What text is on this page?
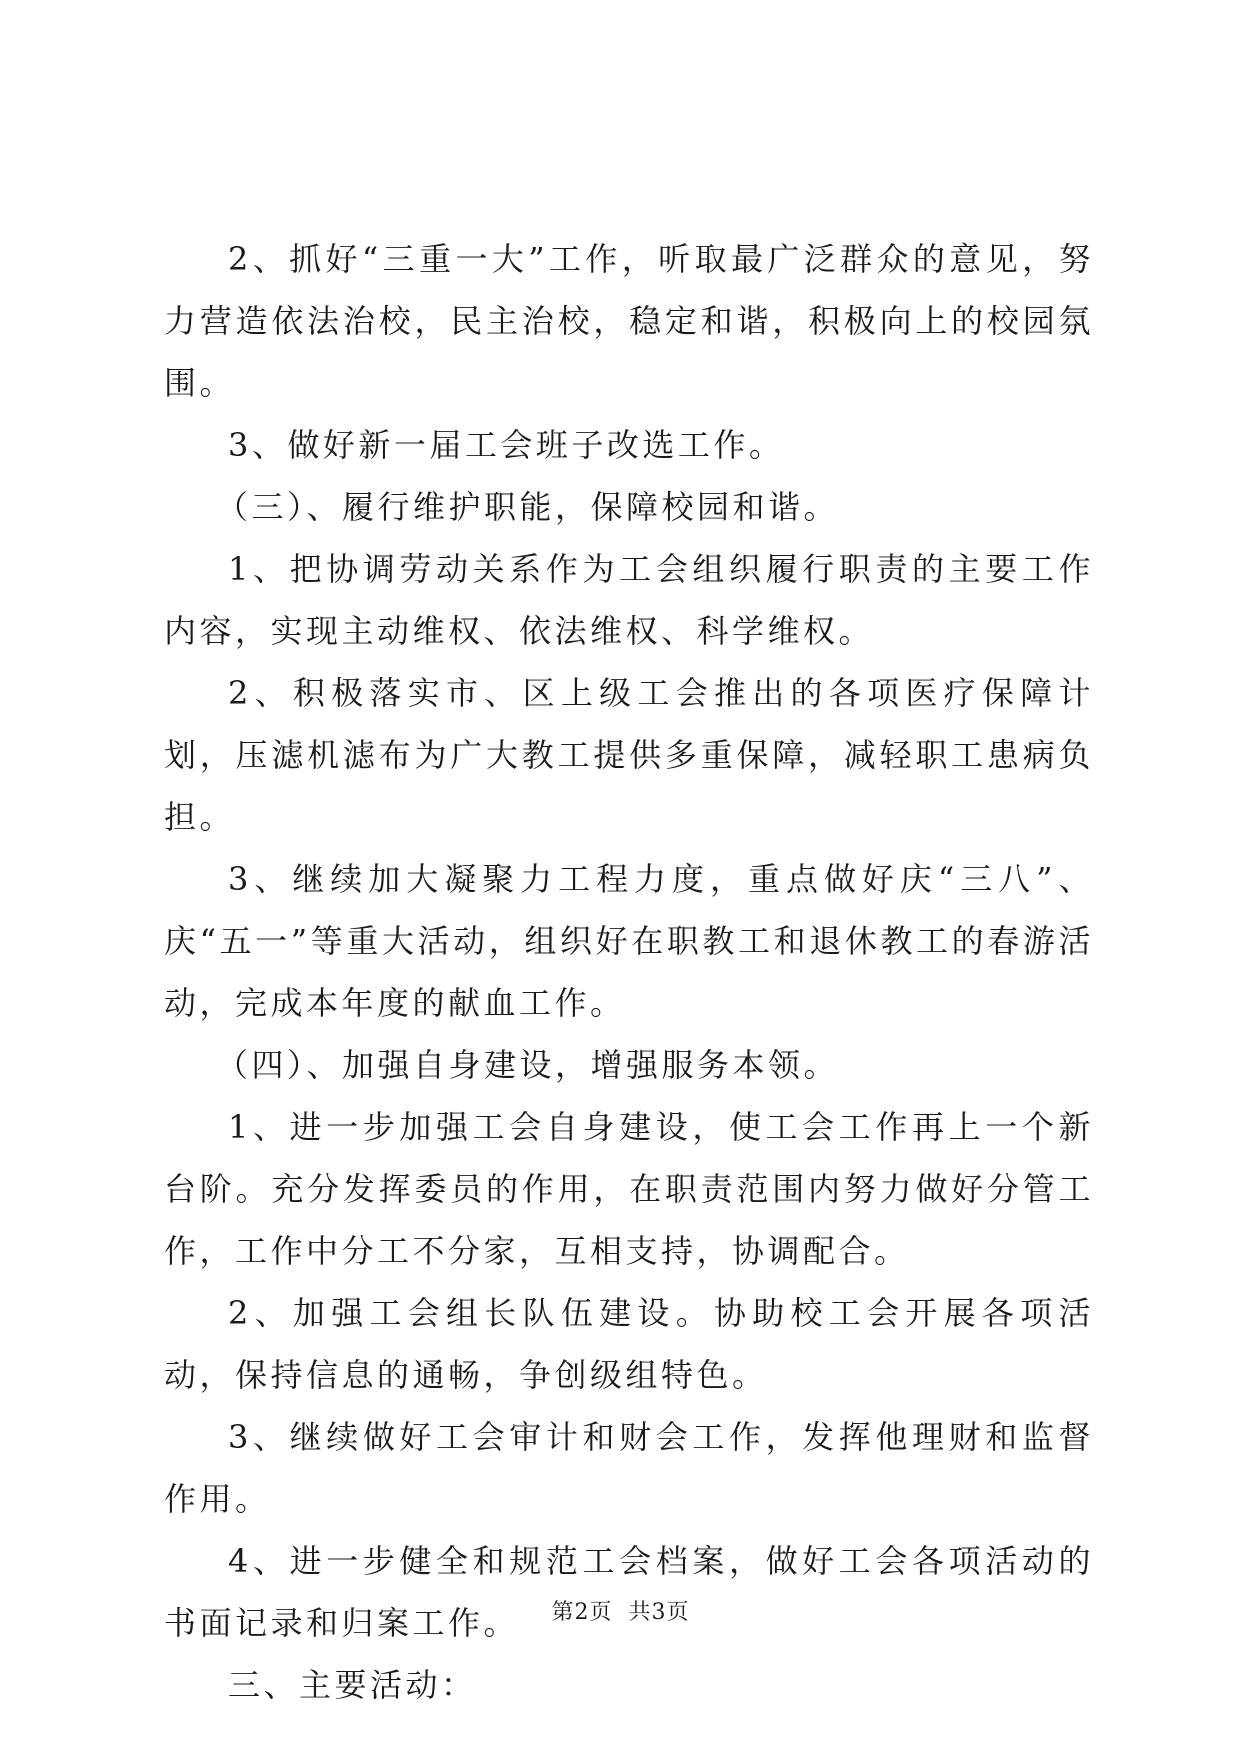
2、抓好“三重一大”工作，听取最广泛群众的意见，努力营造依法治校，民主治校，稳定和谐，积极向上的校园氛围。

3、做好新一届工会班子改选工作。

（三）、履行维护职能，保障校园和谐。

1、把协调劳动关系作为工会组织履行职责的主要工作内容，实现主动维权、依法维权、科学维权。

2、积极落实市、区上级工会推出的各项医疗保障计划，压滤机滤布为广大教工提供多重保障，减轻职工患病负担。

3、继续加大凝聚力工程力度，重点做好庆“三八”、庆“五一”等重大活动，组织好在职教工和退休教工的春游活动，完成本年度的献血工作。

（四）、加强自身建设，增强服务本领。

1、进一步加强工会自身建设，使工会工作再上一个新台阶。充分发挥委员的作用，在职责范围内努力做好分管工作，工作中分工不分家，互相支持，协调配合。

2、加强工会组长队伍建设。协助校工会开展各项活动，保持信息的通畅，争创级组特色。

3、继续做好工会审计和财会工作，发挥他理财和监督作用。

4、进一步健全和规范工会档案，做好工会各项活动的书面记录和归案工作。

三、主要活动：

第2页 共3页
